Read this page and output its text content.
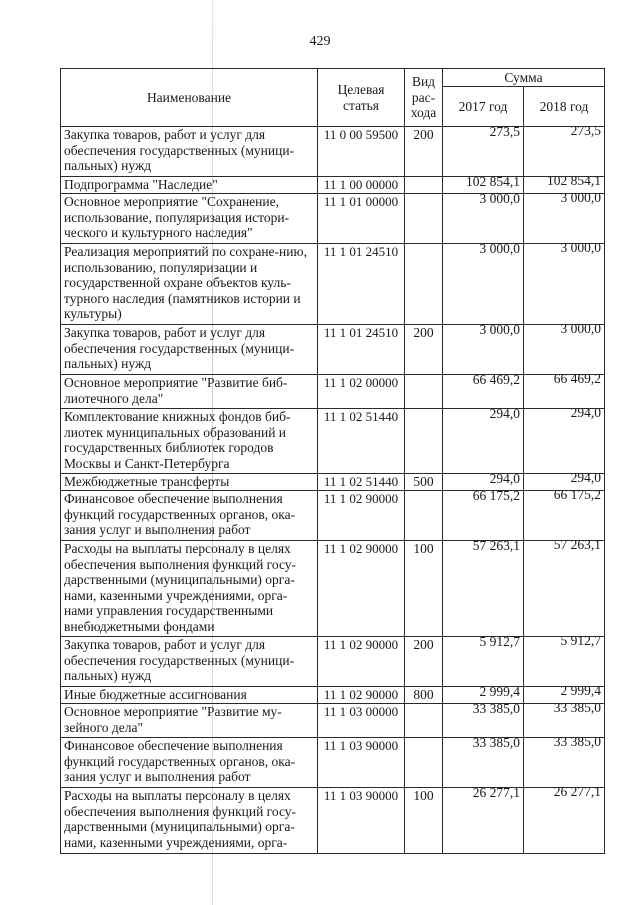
429
Наименование	Целевая статья	Вид рас-хода	Сумма	
			2017 год	2018 год
Закупка товаров, работ и услуг для обеспечения государственных (муници-пальных) нужд	11 0 00 59500	200	273,5	273,5
Подпрограмма "Наследие"	11 1 00 00000		102 854,1	102 854,1
Основное мероприятие "Сохранение, использование, популяризация истори-ческого и культурного наследия"	11 1 01 00000		3 000,0	3 000,0
Реализация мероприятий по сохране-нию, использованию, популяризации и государственной охране объектов куль-турного наследия (памятников истории и культуры)	11 1 01 24510		3 000,0	3 000,0
Закупка товаров, работ и услуг для обеспечения государственных (муници-пальных) нужд	11 1 01 24510	200	3 000,0	3 000,0
Основное мероприятие "Развитие биб-лиотечного дела"	11 1 02 00000		66 469,2	66 469,2
Комплектование книжных фондов биб-лиотек муниципальных образований и государственных библиотек городов Москвы и Санкт-Петербурга	11 1 02 51440		294,0	294,0
Межбюджетные трансферты	11 1 02 51440	500	294,0	294,0
Финансовое обеспечение выполнения функций государственных органов, ока-зания услуг и выполнения работ	11 1 02 90000		66 175,2	66 175,2
Расходы на выплаты персоналу в целях обеспечения выполнения функций госу-дарственными (муниципальными) орга-нами, казенными учреждениями, орга-нами управления государственными внебюджетными фондами	11 1 02 90000	100	57 263,1	57 263,1
Закупка товаров, работ и услуг для обеспечения государственных (муници-пальных) нужд	11 1 02 90000	200	5 912,7	5 912,7
Иные бюджетные ассигнования	11 1 02 90000	800	2 999,4	2 999,4
Основное мероприятие "Развитие му-зейного дела"	11 1 03 00000		33 385,0	33 385,0
Финансовое обеспечение выполнения функций государственных органов, ока-зания услуг и выполнения работ	11 1 03 90000		33 385,0	33 385,0
Расходы на выплаты персоналу в целях обеспечения выполнения функций госу-дарственными (муниципальными) орга-нами, казенными учреждениями, орга-	11 1 03 90000	100	26 277,1	26 277,1
